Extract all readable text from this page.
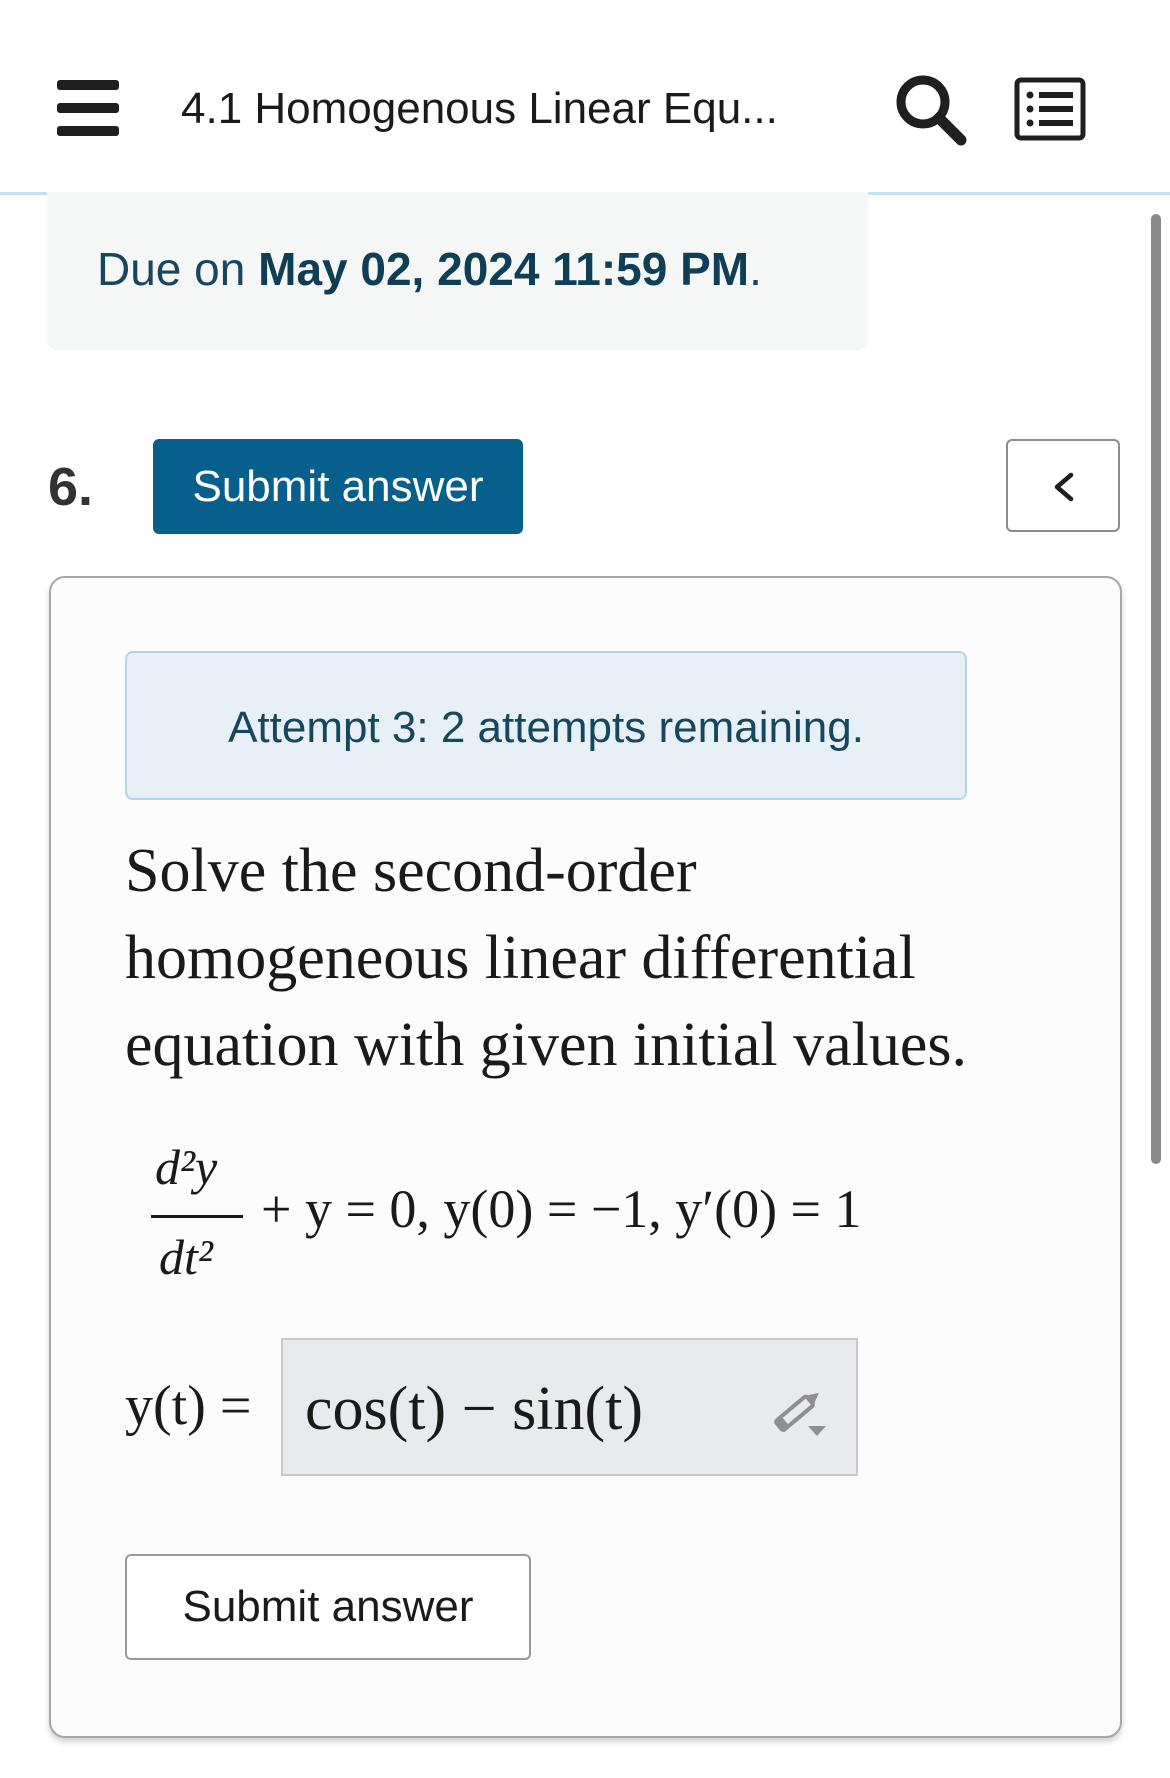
4.1 Homogenous Linear Equ...
Due on May 02, 2024 11:59 PM.
6.	Submit answer
Attempt 3: 2 attempts remaining.
Solve the second-order homogeneous linear differential equation with given initial values.
d²y
dt²
+ y = 0, y(0) = −1, y′(0) = 1
y(t) = cos(t) − sin(t)
Submit answer
